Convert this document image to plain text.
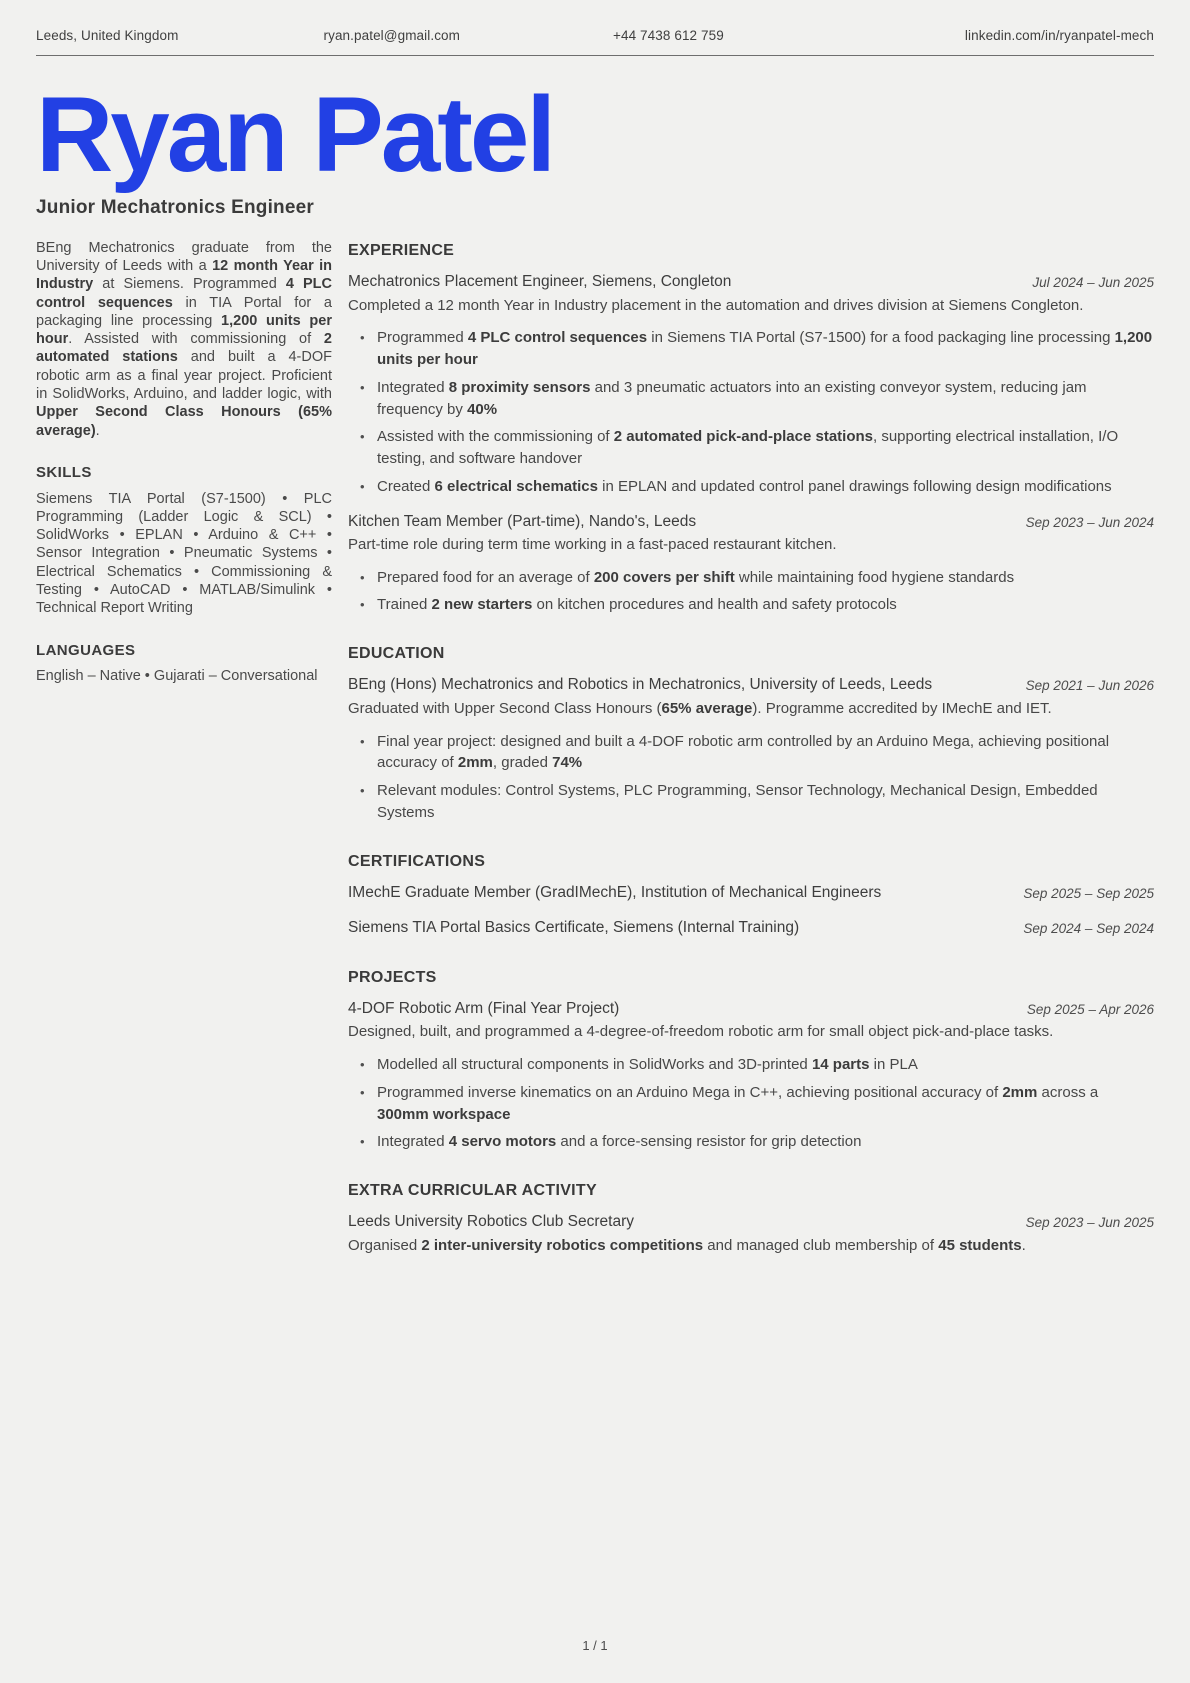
Leeds, United Kingdom	ryan.patel@gmail.com	+44 7438 612 759	linkedin.com/in/ryanpatel-mech
Ryan Patel
Junior Mechatronics Engineer

BEng Mechatronics graduate from the University of Leeds with a 12 month Year in Industry at Siemens. Programmed 4 PLC control sequences in TIA Portal for a packaging line processing 1,200 units per hour. Assisted with commissioning of 2 automated stations and built a 4-DOF robotic arm as a final year project. Proficient in SolidWorks, Arduino, and ladder logic, with Upper Second Class Honours (65% average).

SKILLS

Siemens TIA Portal (S7-1500) • PLC Programming (Ladder Logic & SCL) • SolidWorks • EPLAN • Arduino & C++ • Sensor Integration • Pneumatic Systems • Electrical Schematics • Commissioning & Testing • AutoCAD • MATLAB/Simulink • Technical Report Writing

LANGUAGES

English – Native • Gujarati – Conversational

EXPERIENCE
Mechatronics Placement Engineer, Siemens, Congleton	Jul 2024 – Jun 2025

Completed a 12 month Year in Industry placement in the automation and drives division at Siemens Congleton.

• Programmed 4 PLC control sequences in Siemens TIA Portal (S7-1500) for a food packaging line processing 1,200 units per hour
• Integrated 8 proximity sensors and 3 pneumatic actuators into an existing conveyor system, reducing jam frequency by 40%
• Assisted with the commissioning of 2 automated pick-and-place stations, supporting electrical installation, I/O testing, and software handover
• Created 6 electrical schematics in EPLAN and updated control panel drawings following design modifications
Kitchen Team Member (Part-time), Nando's, Leeds	Sep 2023 – Jun 2024

Part-time role during term time working in a fast-paced restaurant kitchen.

• Prepared food for an average of 200 covers per shift while maintaining food hygiene standards
• Trained 2 new starters on kitchen procedures and health and safety protocols
EDUCATION
BEng (Hons) Mechatronics and Robotics in Mechatronics, University of Leeds, Leeds	Sep 2021 – Jun 2026

Graduated with Upper Second Class Honours (65% average). Programme accredited by IMechE and IET.

• Final year project: designed and built a 4-DOF robotic arm controlled by an Arduino Mega, achieving positional accuracy of 2mm, graded 74%
• Relevant modules: Control Systems, PLC Programming, Sensor Technology, Mechanical Design, Embedded Systems
CERTIFICATIONS
IMechE Graduate Member (GradIMechE), Institution of Mechanical Engineers	Sep 2025 – Sep 2025
Siemens TIA Portal Basics Certificate, Siemens (Internal Training)	Sep 2024 – Sep 2024
PROJECTS
4-DOF Robotic Arm (Final Year Project)	Sep 2025 – Apr 2026

Designed, built, and programmed a 4-degree-of-freedom robotic arm for small object pick-and-place tasks.

• Modelled all structural components in SolidWorks and 3D-printed 14 parts in PLA
• Programmed inverse kinematics on an Arduino Mega in C++, achieving positional accuracy of 2mm across a 300mm workspace
• Integrated 4 servo motors and a force-sensing resistor for grip detection
EXTRA CURRICULAR ACTIVITY
Leeds University Robotics Club Secretary	Sep 2023 – Jun 2025

Organised 2 inter-university robotics competitions and managed club membership of 45 students.

1 / 1
